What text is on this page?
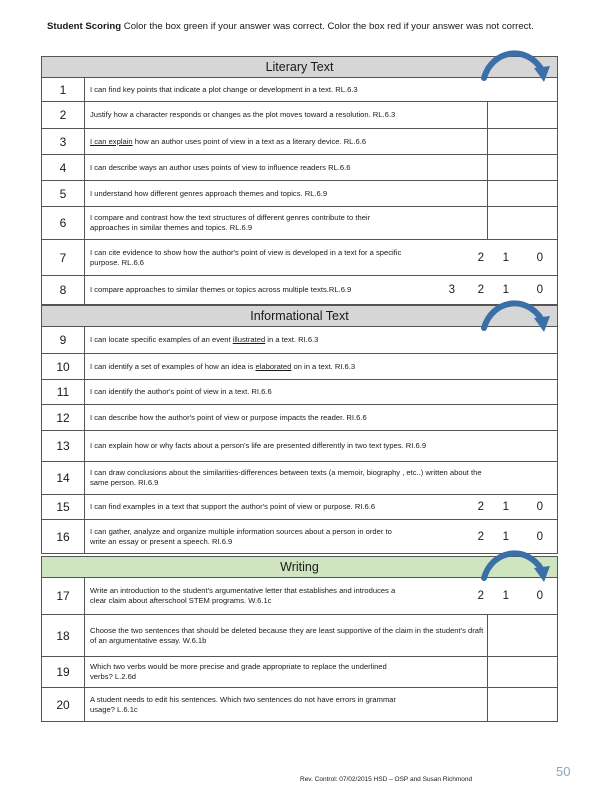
Student Scoring Color the box green if your answer was correct. Color the box red if your answer was not correct.
Literary Text
1	I can find key points that indicate a plot change or development in a text. RL.6.3
2	Justify how a character responds or changes as the plot moves toward a resolution. RL.6.3
3	I can explain how an author uses point of view in a text as a literary device. RL.6.6
4	I can describe ways an author uses points of view to influence readers RL.6.6
5	I understand how different genres approach themes and topics. RL.6.9
6	I compare and contrast how the text structures of different genres contribute to their approaches in similar themes and topics. RL.6.9
7	I can cite evidence to show how the author's point of view is developed in a text for a specific purpose. RL.6.6	2 1 0
8	I compare approaches to similar themes or topics across multiple texts.RL.6.9	3 2 1 0
Informational Text
9	I can locate specific examples of an event illustrated in a text. RI.6.3
10	I can identify a set of examples of how an idea is elaborated on in a text. RI.6.3
11	I can identify the author's point of view in a text. RI.6.6
12	I can describe how the author's point of view or purpose impacts the reader. RI.6.6
13	I can explain how or why facts about a person's life are presented differently in two text types. RI.6.9
14	I can draw conclusions about the similarities-differences between texts (a memoir, biography , etc..) written about the same person. RI.6.9
15	I can find examples in a text that support the author's point of view or purpose. RI.6.6	2 1 0
16	I can gather, analyze and organize multiple information sources about a person in order to write an essay or present a speech. RI.6.9	2 1 0
Writing
17	Write an introduction to the student's argumentative letter that establishes and introduces a clear claim about afterschool STEM programs. W.6.1c	2 1 0
18	Choose the two sentences that should be deleted because they are least supportive of the claim in the student's draft of an argumentative essay. W.6.1b
19	Which two verbs would be more precise and grade appropriate to replace the underlined verbs? L.2.6d
20	A student needs to edit his sentences. Which two sentences do not have errors in grammar usage? L.6.1c
Rev. Control: 07/02/2015 HSD – OSP and Susan Richmond
50
